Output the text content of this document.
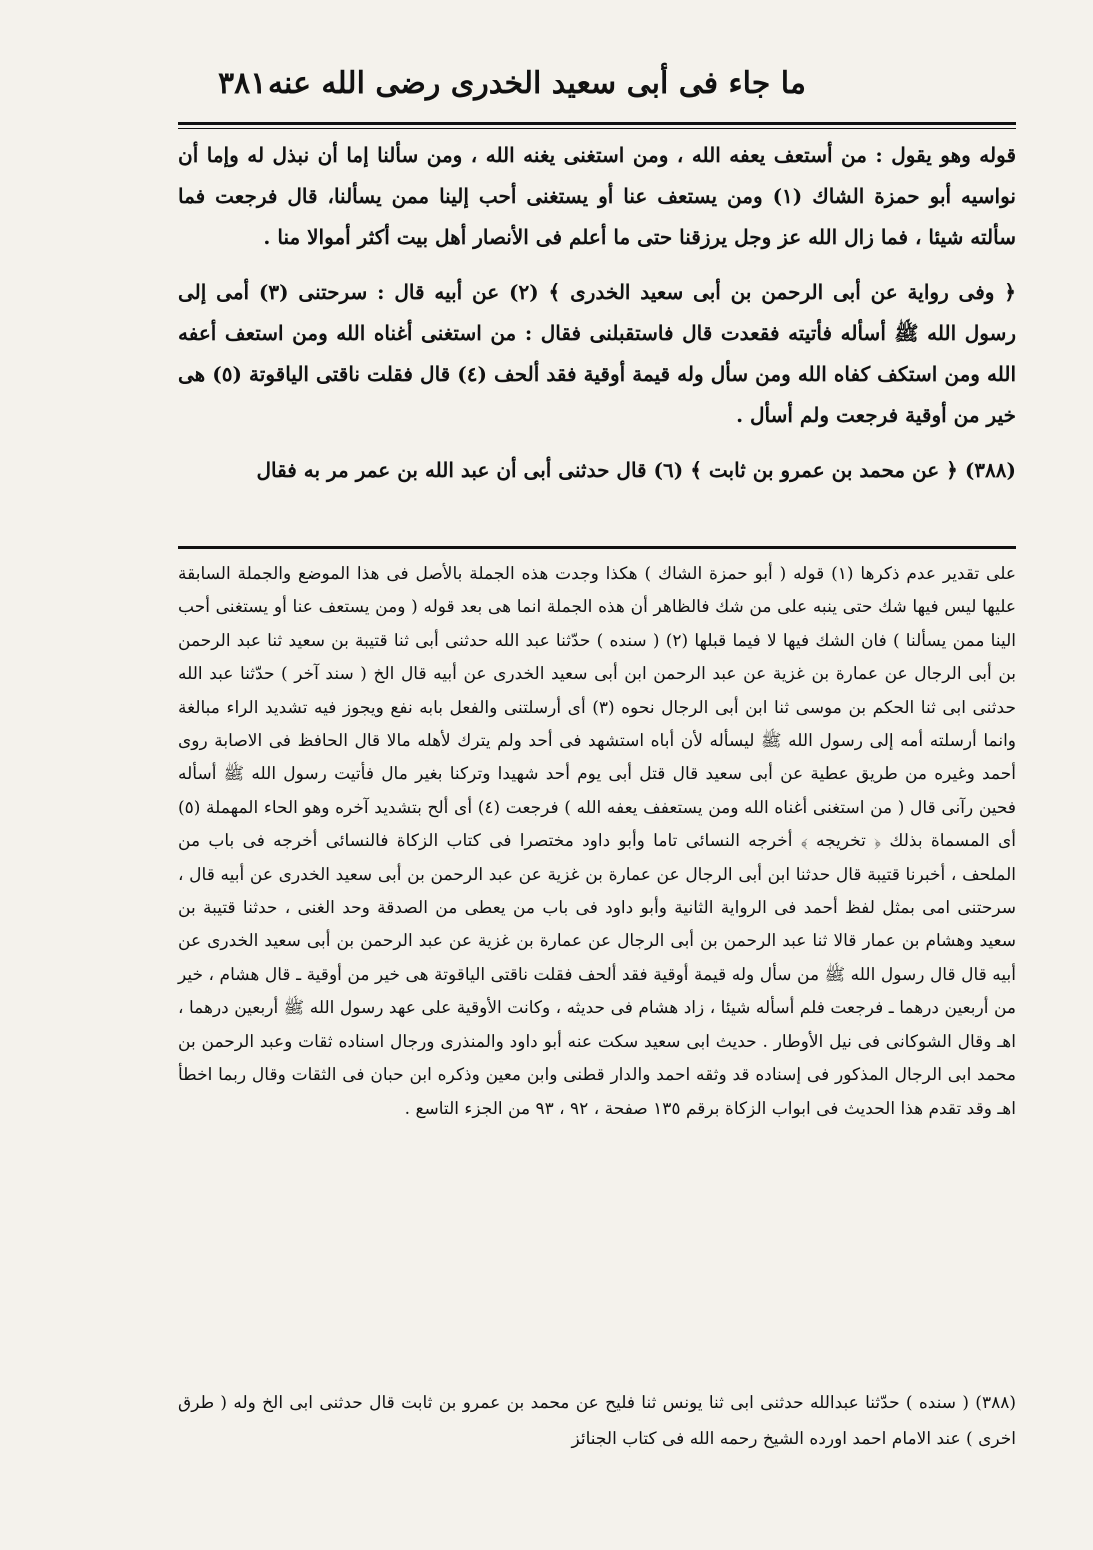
ما جاء فى أبى سعيد الخدرى رضى الله عنه
٣٨١

قوله وهو يقول : من أستعف يعفه الله ، ومن استغنى يغنه الله ، ومن سألنا إما أن نبذل له وإما أن نواسيه أبو حمزة الشاك (١) ومن يستعف عنا أو يستغنى أحب إلينا ممن يسألنا، قال فرجعت فما سألته شيئا ، فما زال الله عز وجل يرزقنا حتى ما أعلم فى الأنصار أهل بيت أكثر أموالا منا .

﴿ وفى رواية عن أبى الرحمن بن أبى سعيد الخدرى ﴾ (٢) عن أبيه قال : سرحتنى (٣) أمى إلى رسول الله ﷺ أسأله فأتيته فقعدت قال فاستقبلنى فقال : من استغنى أغناه الله ومن استعف أعفه الله ومن استكف كفاه الله ومن سأل وله قيمة أوقية فقد ألحف (٤) قال فقلت ناقتى الياقوتة (٥) هى خير من أوقية فرجعت ولم أسأل .

(٣٨٨) ﴿ عن محمد بن عمرو بن ثابت ﴾ (٦) قال حدثنى أبى أن عبد الله بن عمر مر به فقال

على تقدير عدم ذكرها (١) قوله ( أبو حمزة الشاك ) هكذا وجدت هذه الجملة بالأصل فى هذا الموضع والجملة السابقة عليها ليس فيها شك حتى ينبه على من شك فالظاهر أن هذه الجملة انما هى بعد قوله ( ومن يستعف عنا أو يستغنى أحب الينا ممن يسألنا ) فان الشك فيها لا فيما قبلها (٢) ( سنده ) حدّثنا عبد الله حدثنى أبى ثنا قتيبة بن سعيد ثنا عبد الرحمن بن أبى الرجال عن عمارة بن غزية عن عبد الرحمن ابن أبى سعيد الخدرى عن أبيه قال الخ ( سند آخر ) حدّثنا عبد الله حدثنى ابى ثنا الحكم بن موسى ثنا ابن أبى الرجال نحوه (٣) أى أرسلتنى والفعل بابه نفع ويجوز فيه تشديد الراء مبالغة وانما أرسلته أمه إلى رسول الله ﷺ ليسأله لأن أباه استشهد فى أحد ولم يترك لأهله مالا قال الحافظ فى الاصابة روى أحمد وغيره من طريق عطية عن أبى سعيد قال قتل أبى يوم أحد شهيدا وتركنا بغير مال فأتيت رسول الله ﷺ أسأله فحين رآنى قال ( من استغنى أغناه الله ومن يستعفف يعفه الله ) فرجعت (٤) أى ألح بتشديد آخره وهو الحاء المهملة (٥) أى المسماة بذلك ﴿ تخريجه ﴾ أخرجه النسائى تاما وأبو داود مختصرا فى كتاب الزكاة فالنسائى أخرجه فى باب من الملحف ، أخبرنا قتيبة قال حدثنا ابن أبى الرجال عن عمارة بن غزية عن عبد الرحمن بن أبى سعيد الخدرى عن أبيه قال ، سرحتنى امى بمثل لفظ أحمد فى الرواية الثانية وأبو داود فى باب من يعطى من الصدقة وحد الغنى ، حدثنا قتيبة بن سعيد وهشام بن عمار قالا ثنا عبد الرحمن بن أبى الرجال عن عمارة بن غزية عن عبد الرحمن بن أبى سعيد الخدرى عن أبيه قال قال رسول الله ﷺ من سأل وله قيمة أوقية فقد ألحف فقلت ناقتى الياقوتة هى خير من أوقية ـ قال هشام ، خير من أربعين درهما ـ فرجعت فلم أسأله شيئا ، زاد هشام فى حديثه ، وكانت الأوقية على عهد رسول الله ﷺ أربعين درهما ، اهـ وقال الشوكانى فى نيل الأوطار . حديث ابى سعيد سكت عنه أبو داود والمنذرى ورجال اسناده ثقات وعبد الرحمن بن محمد ابى الرجال المذكور فى إسناده قد وثقه احمد والدار قطنى وابن معين وذكره ابن حبان فى الثقات وقال ربما اخطأ اهـ وقد تقدم هذا الحديث فى ابواب الزكاة برقم ١٣٥ صفحة ، ٩٢ ، ٩٣ من الجزء التاسع .

(٣٨٨) ( سنده ) حدّثنا عبدالله حدثنى ابى ثنا يونس ثنا فليح عن محمد بن عمرو بن ثابت قال حدثنى ابى الخ وله ( طرق اخرى ) عند الامام احمد اورده الشيخ رحمه الله فى كتاب الجنائز
